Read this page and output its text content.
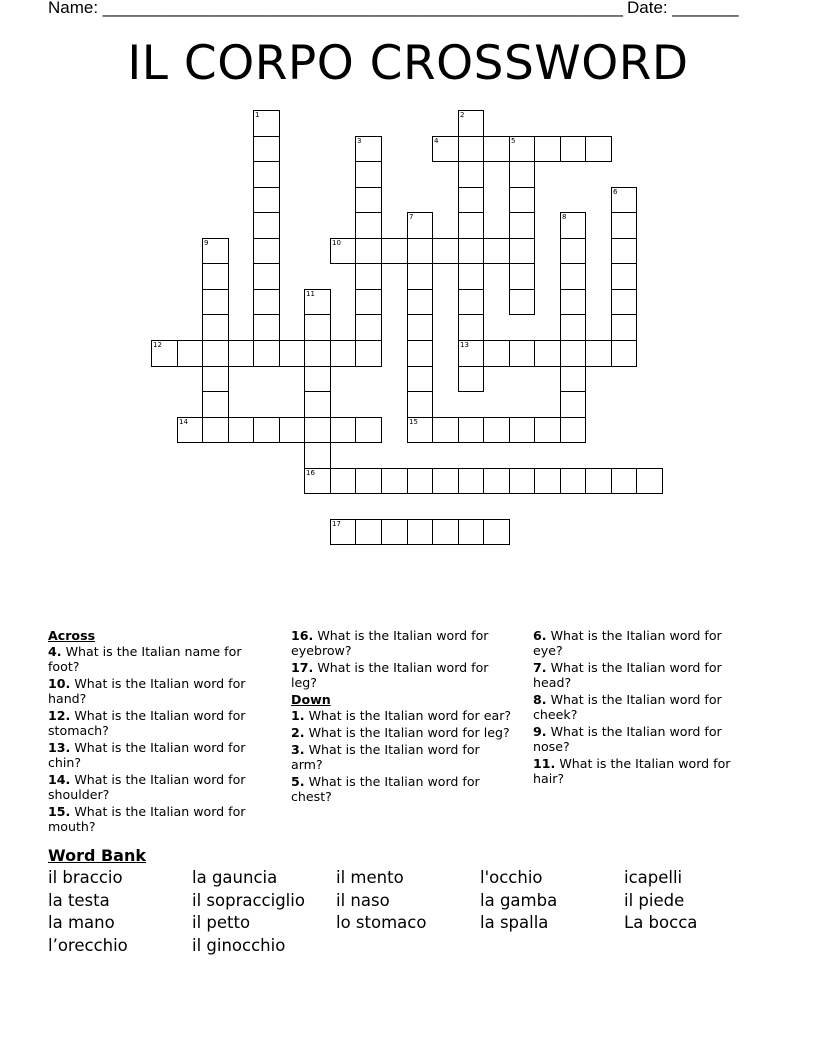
Name: _______________________________________________________ Date: _______
IL CORPO CROSSWORD
1	2
13
3	4	5
6
7	8
9	10
11
12
14	15
16
17
Across
4. What is the Italian name for foot?
10. What is the Italian word for hand?
12. What is the Italian word for stomach?
13. What is the Italian word for chin?
14. What is the Italian word for shoulder?
15. What is the Italian word for mouth?
16. What is the Italian word for eyebrow?
17. What is the Italian word for leg?
Down
1. What is the Italian word for ear?
2. What is the Italian word for leg?
3. What is the Italian word for arm?
5. What is the Italian word for chest?
6. What is the Italian word for eye?
7. What is the Italian word for head?
8. What is the Italian word for cheek?
9. What is the Italian word for nose?
11. What is the Italian word for hair?
Word Bank
il braccio
la testa
la mano
l’orecchio
la gauncia
il sopracciglio
il petto
il ginocchio
il mento
il naso
lo stomaco
l'occhio
la gamba
la spalla
icapelli
il piede
La bocca
